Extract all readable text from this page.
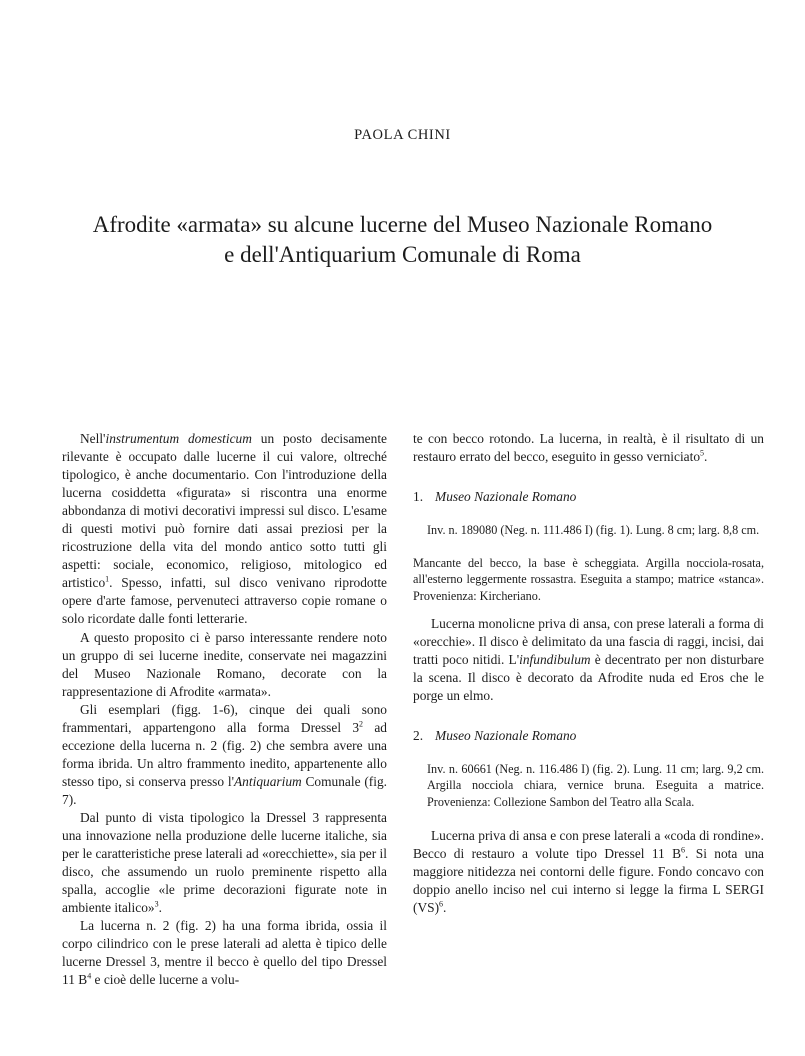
PAOLA CHINI
Afrodite «armata» su alcune lucerne del Museo Nazionale Romano
e dell'Antiquarium Comunale di Roma

Nell'instrumentum domesticum un posto decisamente rilevante è occupato dalle lucerne il cui valore, oltreché tipologico, è anche documentario. Con l'introduzione della lucerna cosiddetta «figurata» si riscontra una enorme abbondanza di motivi decorativi impressi sul disco. L'esame di questi motivi può fornire dati assai preziosi per la ricostruzione della vita del mondo antico sotto tutti gli aspetti: sociale, economico, religioso, mitologico ed artistico$^1$. Spesso, infatti, sul disco venivano riprodotte opere d'arte famose, pervenuteci attraverso copie romane o solo ricordate dalle fonti letterarie.

A questo proposito ci è parso interessante rendere noto un gruppo di sei lucerne inedite, conservate nei magazzini del Museo Nazionale Romano, decorate con la rappresentazione di Afrodite «armata».

Gli esemplari (figg. 1-6), cinque dei quali sono frammentari, appartengono alla forma Dressel $3^2$ ad eccezione della lucerna n. 2 (fig. 2) che sembra avere una forma ibrida. Un altro frammento inedito, appartenente allo stesso tipo, si conserva presso l'Antiquarium Comunale (fig. 7).

Dal punto di vista tipologico la Dressel 3 rappresenta una innovazione nella produzione delle lucerne italiche, sia per le caratteristiche prese laterali ad «orecchiette», sia per il disco, che assumendo un ruolo preminente rispetto alla spalla, accoglie «le prime decorazioni figurate note in ambiente italico»$^3$.

La lucerna n. 2 (fig. 2) ha una forma ibrida, ossia il corpo cilindrico con le prese laterali ad aletta è tipico delle lucerne Dressel 3, mentre il becco è quello del tipo Dressel 11 $B^4$ e cioè delle lucerne a volu-

te con becco rotondo. La lucerna, in realtà, è il risultato di un restauro errato del becco, eseguito in gesso verniciato$^5$.

1. Museo Nazionale Romano

Inv. n. 189080 (Neg. n. 111.486 I) (fig. 1). Lung. 8 cm; larg. 8,8 cm.

Mancante del becco, la base è scheggiata. Argilla nocciola-rosata, all'esterno leggermente rossastra. Eseguita a stampo; matrice «stanca». Provenienza: Kircheriano.

Lucerna monolicne priva di ansa, con prese laterali a forma di «orecchie». Il disco è delimitato da una fascia di raggi, incisi, dai tratti poco nitidi. L'infundibulum è decentrato per non disturbare la scena. Il disco è decorato da Afrodite nuda ed Eros che le porge un elmo.

2. Museo Nazionale Romano

Inv. n. 60661 (Neg. n. 116.486 I) (fig. 2). Lung. 11 cm; larg. 9,2 cm. Argilla nocciola chiara, vernice bruna. Eseguita a matrice. Provenienza: Collezione Sambon del Teatro alla Scala.

Lucerna priva di ansa e con prese laterali a «coda di rondine». Becco di restauro a volute tipo Dressel 11 $B^6$. Si nota una maggiore nitidezza nei contorni delle figure. Fondo concavo con doppio anello inciso nel cui interno si legge la firma L SERGI (VS)$^6$.
